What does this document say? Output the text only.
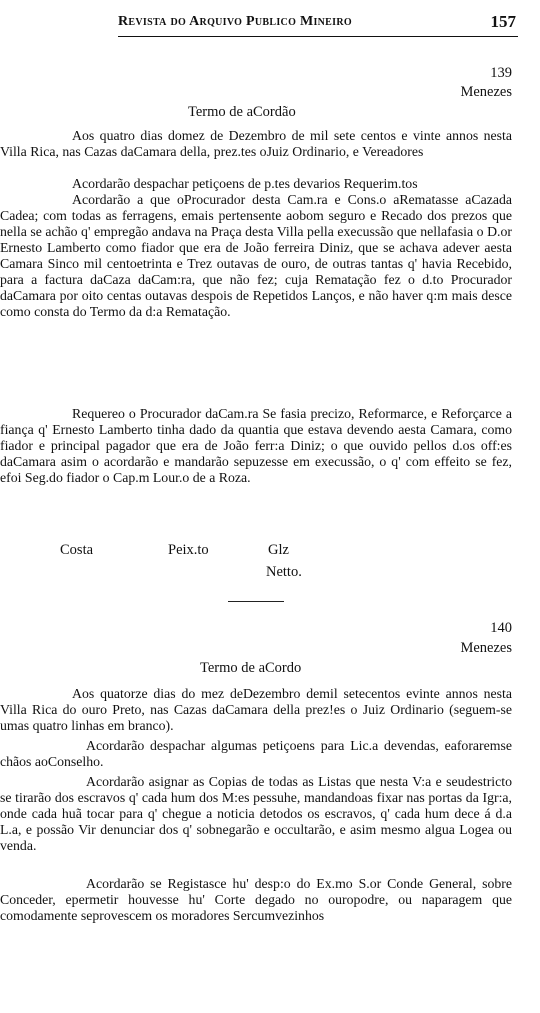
Revista do Arquivo Publico Mineiro	157
139
Menezes
Termo de aCordão

Aos quatro dias domez de Dezembro de mil sete centos e vinte annos nesta Villa Rica, nas Cazas daCamara della, prez.tes oJuiz Ordinario, e Vereadores

Acordarão despachar petiçoens de p.tes devarios Requerim.tos

Acordarão a que oProcurador desta Cam.ra e Cons.o aRematasse aCazada Cadea; com todas as ferragens, emais pertensente aobom seguro e Recado dos prezos que nella se achão q' empregão andava na Praça desta Villa pella execussão que nellafasia o D.or Ernesto Lamberto como fiador que era de João ferreira Diniz, que se achava adever aesta Camara Sinco mil centoetrinta e Trez outavas de ouro, de outras tantas q' havia Recebido, para a factura daCaza daCam:ra, que não fez; cuja Rematação fez o d.to Procurador daCamara por oito centas outavas despois de Repetidos Lanços, e não haver q:m mais desce como consta do Termo da d:a Rematação.

Requereo o Procurador daCam.ra Se fasia precizo, Reformarce, e Reforçarce a fiança q' Ernesto Lamberto tinha dado da quantia que estava devendo aesta Camara, como fiador e principal pagador que era de João ferr:a Diniz; o que ouvido pellos d.os off:es daCamara asim o acordarão e mandarão sepuzesse em execussão, o q' com effeito se fez, efoi Seg.do fiador o Cap.m Lour.o de a Roza.

Costa	Peix.to	Glz
Netto.
140
Menezes
Termo de aCordo

Aos quatorze dias do mez deDezembro demil setecentos evinte annos nesta Villa Rica do ouro Preto, nas Cazas daCamara della prez!es o Juiz Ordinario (seguem-se umas quatro linhas em branco).

Acordarão despachar algumas petiçoens para Lic.a devendas, eaforaremse chãos aoConselho.

Acordarão asignar as Copias de todas as Listas que nesta V:a e seudestricto se tirarão dos escravos q' cada hum dos M:es pessuhe, mandandoas fixar nas portas da Igr:a, onde cada huã tocar para q' chegue a noticia detodos os escravos, q' cada hum dece á d.a L.a, e possão Vir denunciar dos q' sobnegarão e occultarão, e asim mesmo algua Logea ou venda.

Acordarão se Registasce hu' desp:o do Ex.mo S.or Conde General, sobre Conceder, epermetir houvesse hu' Corte degado no ouropodre, ou naparagem que comodamente seprovescem os moradores Sercumvezinhos
